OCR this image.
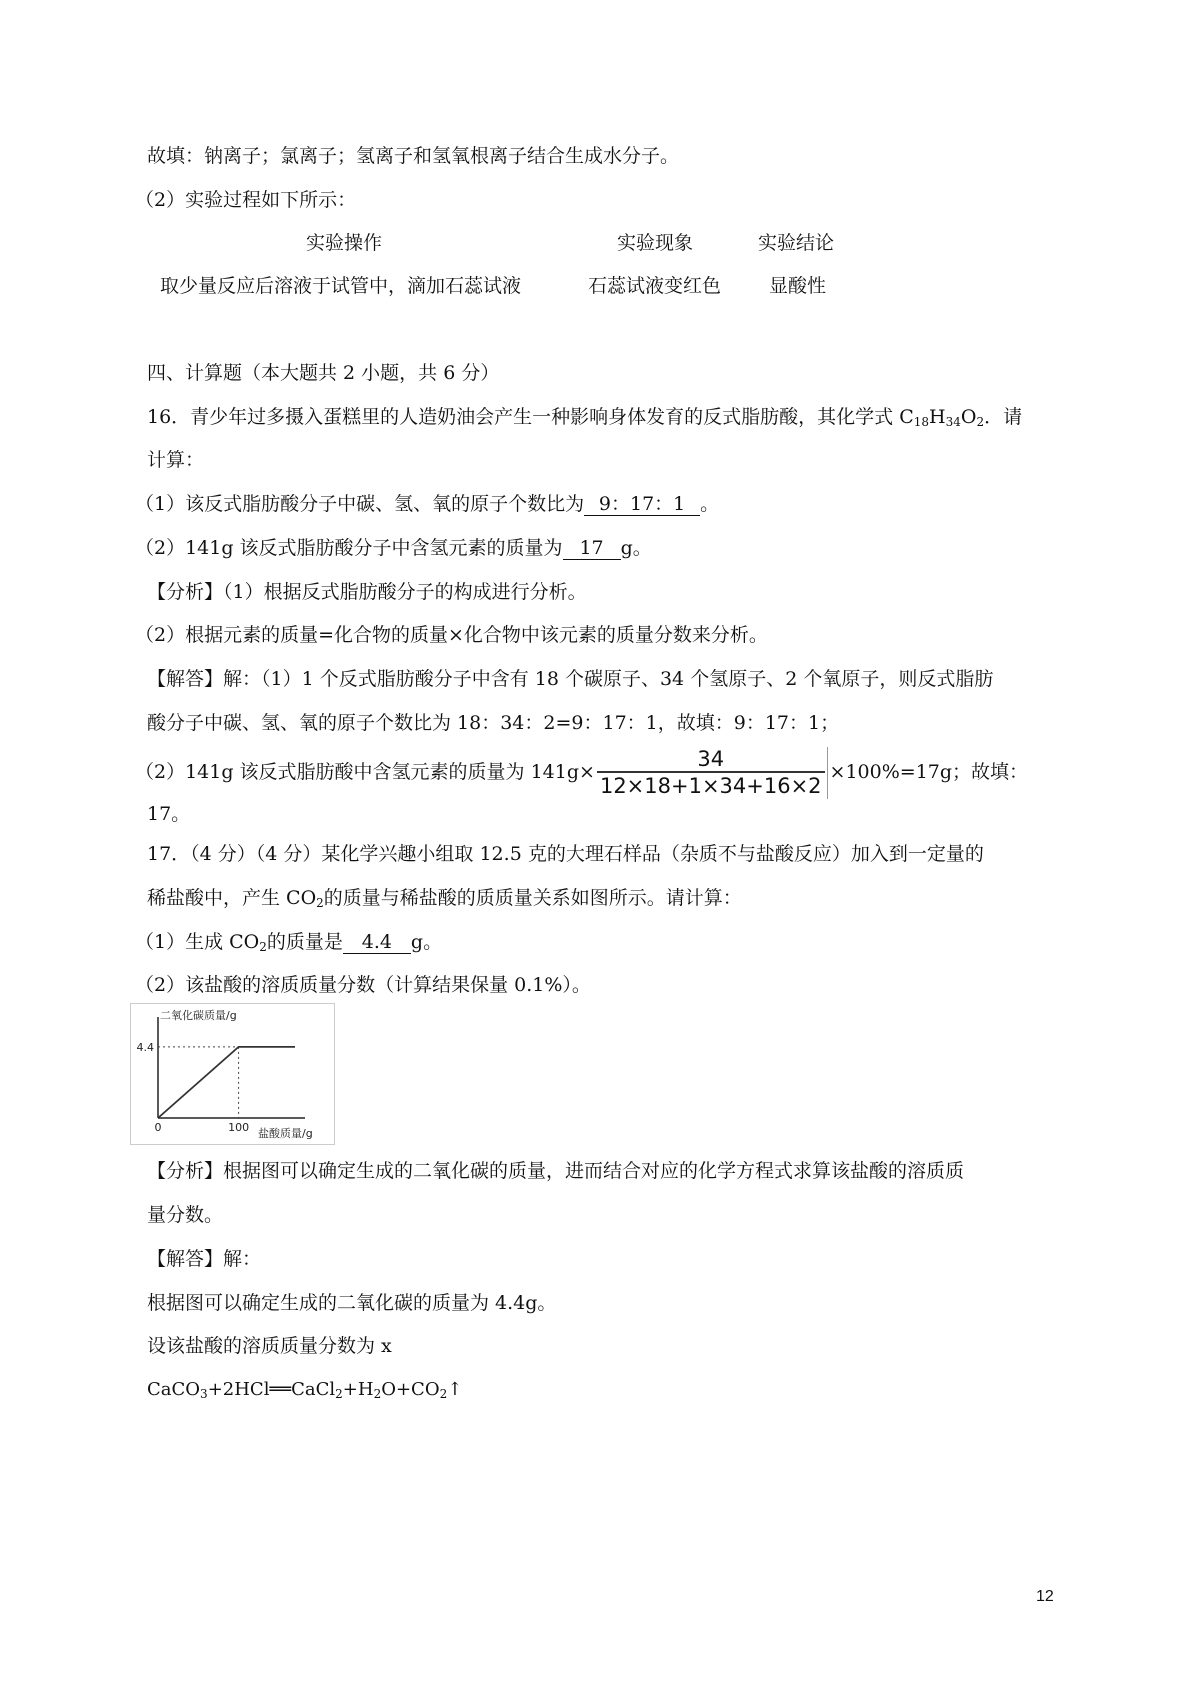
故填：钠离子；氯离子；氢离子和氢氧根离子结合生成水分子。
（2）实验过程如下所示：
实验操作	实验现象	实验结论
取少量反应后溶液于试管中，滴加石蕊试液	石蕊试液变红色	显酸性
四、计算题（本大题共 2 小题，共 6 分）
16．青少年过多摄入蛋糕里的人造奶油会产生一种影响身体发育的反式脂肪酸，其化学式 $C_{18}H_{34}O_2$．请
计算：
（1）该反式脂肪酸分子中碳、氢、氧的原子个数比为 9：17：1 。
（2）141g 该反式脂肪酸分子中含氢元素的质量为 17 g。
【分析】（1）根据反式脂肪酸分子的构成进行分析。
（2）根据元素的质量=化合物的质量×化合物中该元素的质量分数来分析。
【解答】解：（1）1 个反式脂肪酸分子中含有 18 个碳原子、34 个氢原子、2 个氧原子，则反式脂肪
酸分子中碳、氢、氧的原子个数比为 18：34：2=9：17：1，故填：9：17：1；
（2）141g 该反式脂肪酸中含氢元素的质量为 $141g\times \frac{34}{12\times 18+1\times 34+16\times 2} \times 100\%=17g$；故填：
17。
17．（4 分）（4 分）某化学兴趣小组取 12.5 克的大理石样品（杂质不与盐酸反应）加入到一定量的
稀盐酸中，产生 $CO_2$的质量与稀盐酸的质质量关系如图所示。请计算：
（1）生成 $CO_2$的质量是 4.4 g。
（2）该盐酸的溶质质量分数（计算结果保量 0.1%）。
二氧化碳质量/g
盐酸质量/g
4.4
0	100
【分析】根据图可以确定生成的二氧化碳的质量，进而结合对应的化学方程式求算该盐酸的溶质质
量分数。
【解答】解：
根据图可以确定生成的二氧化碳的质量为 4.4g。
设该盐酸的溶质质量分数为 x
$CaCO_3+2HCl══CaCl_2+H_2O+CO_2↑$
12
